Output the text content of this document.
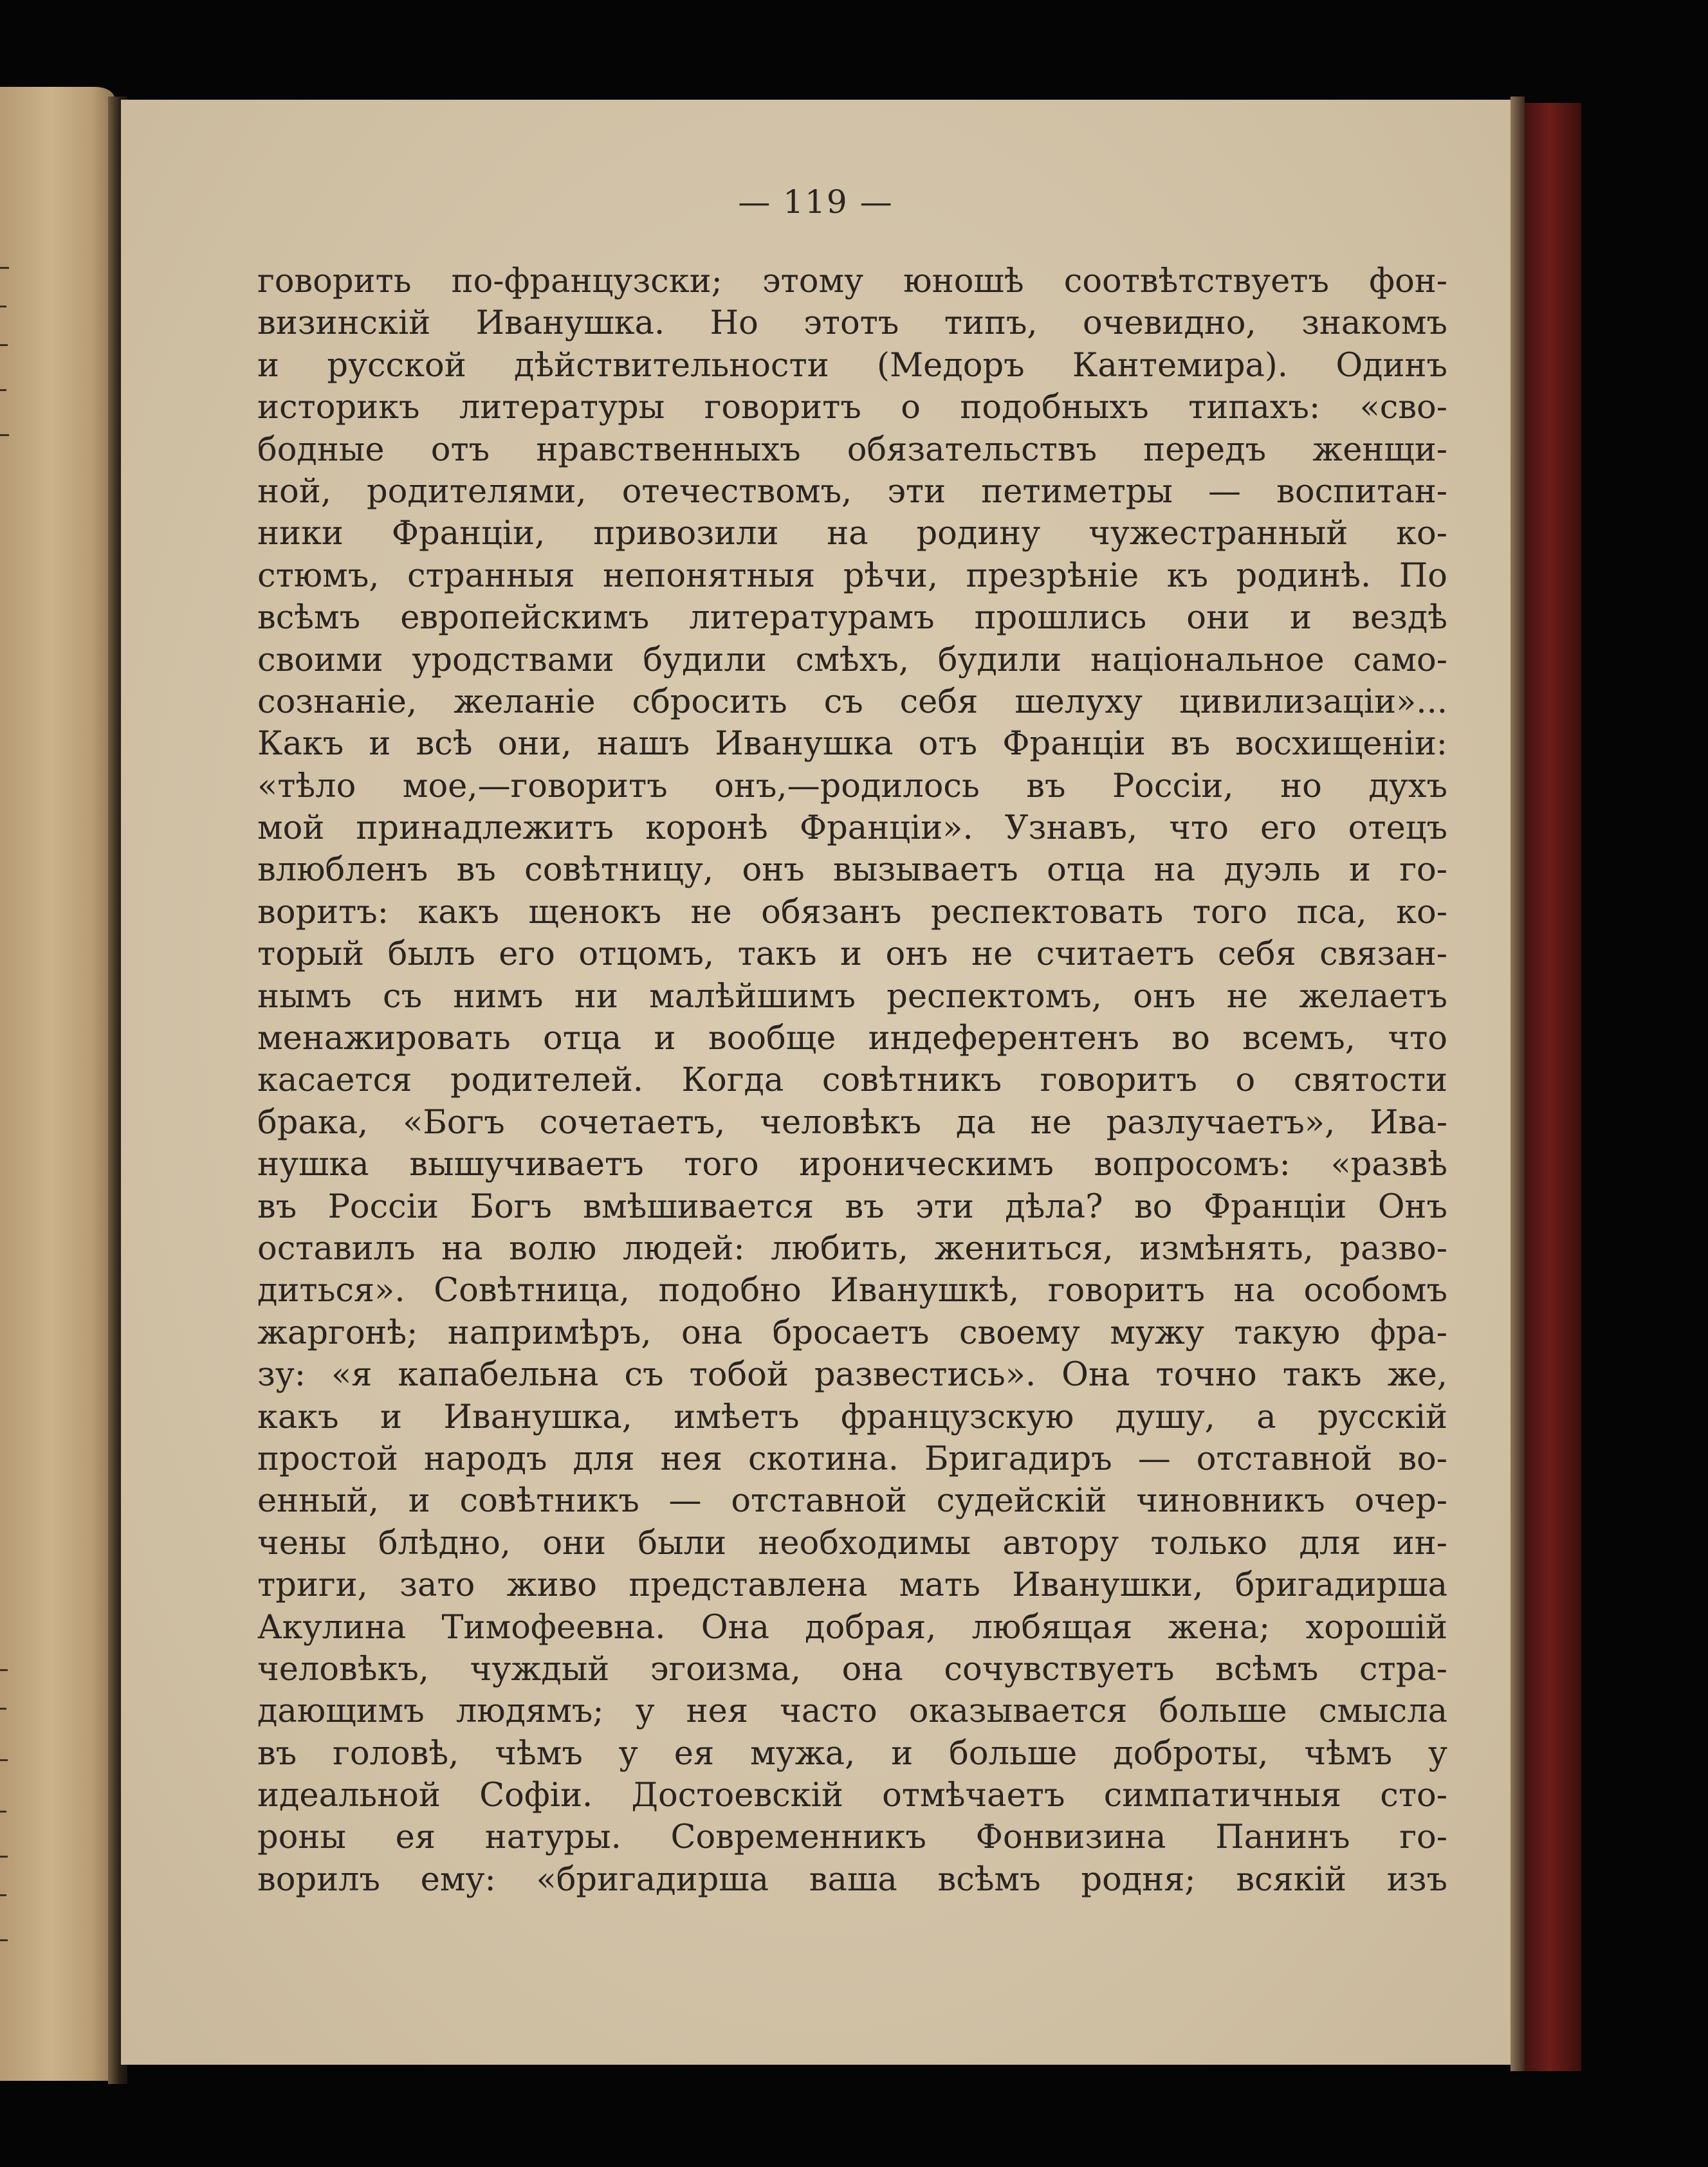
— 119 —
говорить по-французски; этому юношѣ соотвѣтствуетъ фон-
визинскій Иванушка. Но этотъ типъ, очевидно, знакомъ
и русской дѣйствительности (Медоръ Кантемира). Одинъ
историкъ литературы говоритъ о подобныхъ типахъ: «сво-
бодные отъ нравственныхъ обязательствъ передъ женщи-
ной, родителями, отечествомъ, эти петиметры — воспитан-
ники Франціи, привозили на родину чужестранный ко-
стюмъ, странныя непонятныя рѣчи, презрѣніе къ родинѣ. По
всѣмъ европейскимъ литературамъ прошлись они и вездѣ
своими уродствами будили смѣхъ, будили національное само-
сознаніе, желаніе сбросить съ себя шелуху цивилизаціи»...
Какъ и всѣ они, нашъ Иванушка отъ Франціи въ восхищеніи:
«тѣло мое,—говоритъ онъ,—родилось въ Россіи, но духъ
мой принадлежитъ коронѣ Франціи». Узнавъ, что его отецъ
влюбленъ въ совѣтницу, онъ вызываетъ отца на дуэль и го-
воритъ: какъ щенокъ не обязанъ респектовать того пса, ко-
торый былъ его отцомъ, такъ и онъ не считаетъ себя связан-
нымъ съ нимъ ни малѣйшимъ респектомъ, онъ не желаетъ
менажировать отца и вообще индеферентенъ во всемъ, что
касается родителей. Когда совѣтникъ говоритъ о святости
брака, «Богъ сочетаетъ, человѣкъ да не разлучаетъ», Ива-
нушка вышучиваетъ того ироническимъ вопросомъ: «развѣ
въ Россіи Богъ вмѣшивается въ эти дѣла? во Франціи Онъ
оставилъ на волю людей: любить, жениться, измѣнять, разво-
диться». Совѣтница, подобно Иванушкѣ, говоритъ на особомъ
жаргонѣ; напримѣръ, она бросаетъ своему мужу такую фра-
зу: «я капабельна съ тобой развестись». Она точно такъ же,
какъ и Иванушка, имѣетъ французскую душу, а русскій
простой народъ для нея скотина. Бригадиръ — отставной во-
енный, и совѣтникъ — отставной судейскій чиновникъ очер-
чены блѣдно, они были необходимы автору только для ин-
триги, зато живо представлена мать Иванушки, бригадирша
Акулина Тимофеевна. Она добрая, любящая жена; хорошій
человѣкъ, чуждый эгоизма, она сочувствуетъ всѣмъ стра-
дающимъ людямъ; у нея часто оказывается больше смысла
въ головѣ, чѣмъ у ея мужа, и больше доброты, чѣмъ у
идеальной Софіи. Достоевскій отмѣчаетъ симпатичныя сто-
роны ея натуры. Современникъ Фонвизина Панинъ го-
ворилъ ему: «бригадирша ваша всѣмъ родня; всякій изъ
